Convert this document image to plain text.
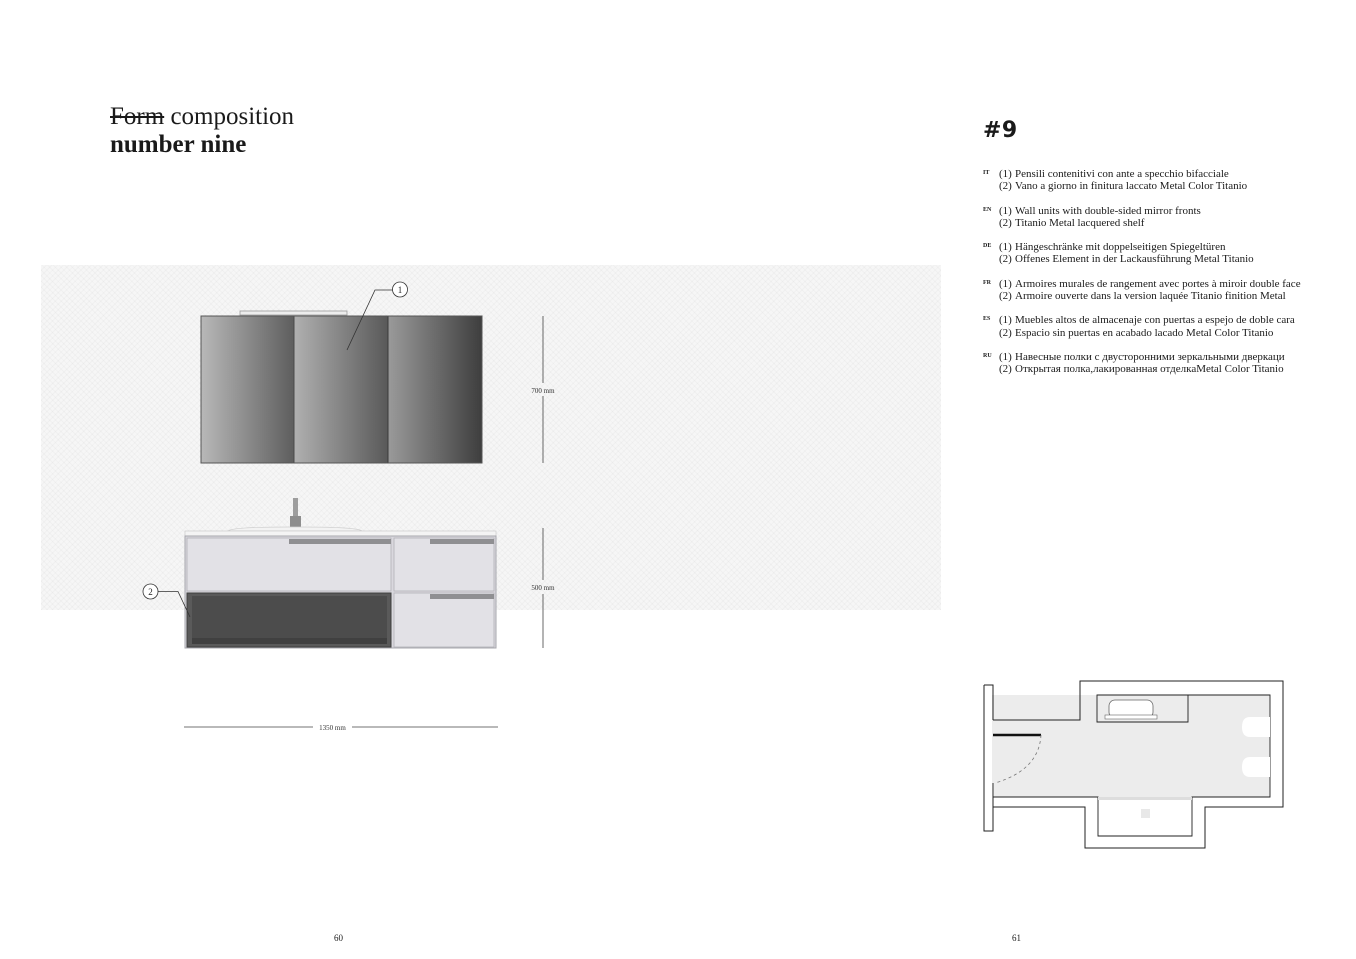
Form composition
number nine
#9
IT (1) Pensili contenitivi con ante a specchio bifacciale
(2) Vano a giorno in finitura laccato Metal Color Titanio
EN (1) Wall units with double-sided mirror fronts
(2) Titanio Metal lacquered shelf
DE (1) Hängeschränke mit doppelseitigen Spiegeltüren
(2) Offenes Element in der Lackausführung Metal Titanio
FR (1) Armoires murales de rangement avec portes à miroir double face
(2) Armoire ouverte dans la version laquée Titanio finition Metal
ES (1) Muebles altos de almacenaje con puertas a espejo de doble cara
(2) Espacio sin puertas en acabado lacado Metal Color Titanio
RU (1) Навесные полки с двусторонними зеркальными дверкаци
(2) Открытая полка,лакированная отделкаMetal Color Titanio
1
2
700 mm
500 mm
1350 mm
60	61
